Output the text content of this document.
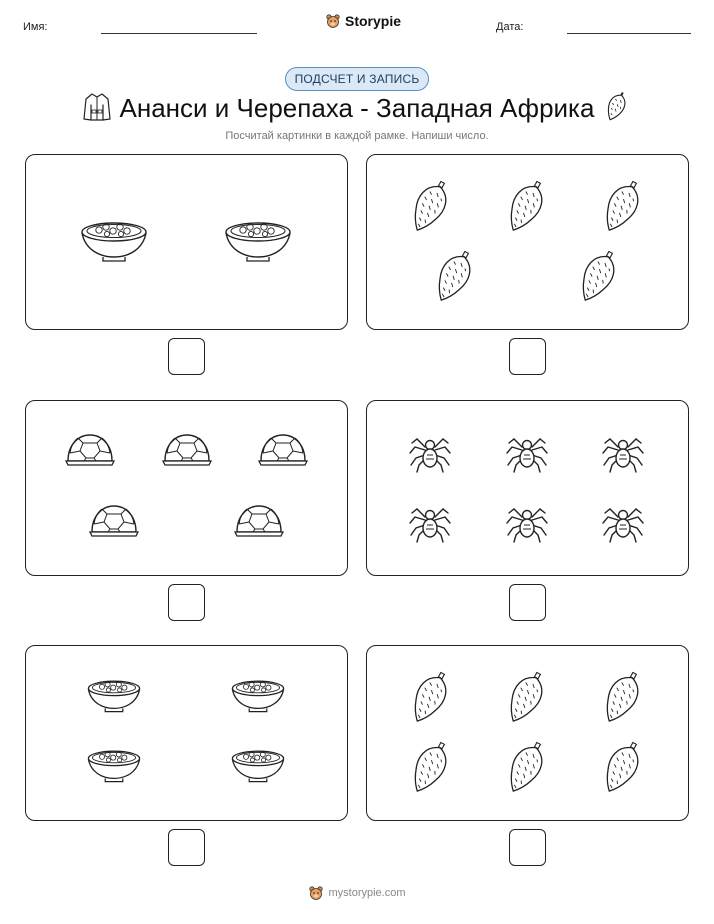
Имя:	Storypie	Дата:
ПОДСЧЕТ И ЗАПИСЬ
Ананси и Черепаха - Западная Африка
Посчитай картинки в каждой рамке. Напиши число.
mystorypie.com
